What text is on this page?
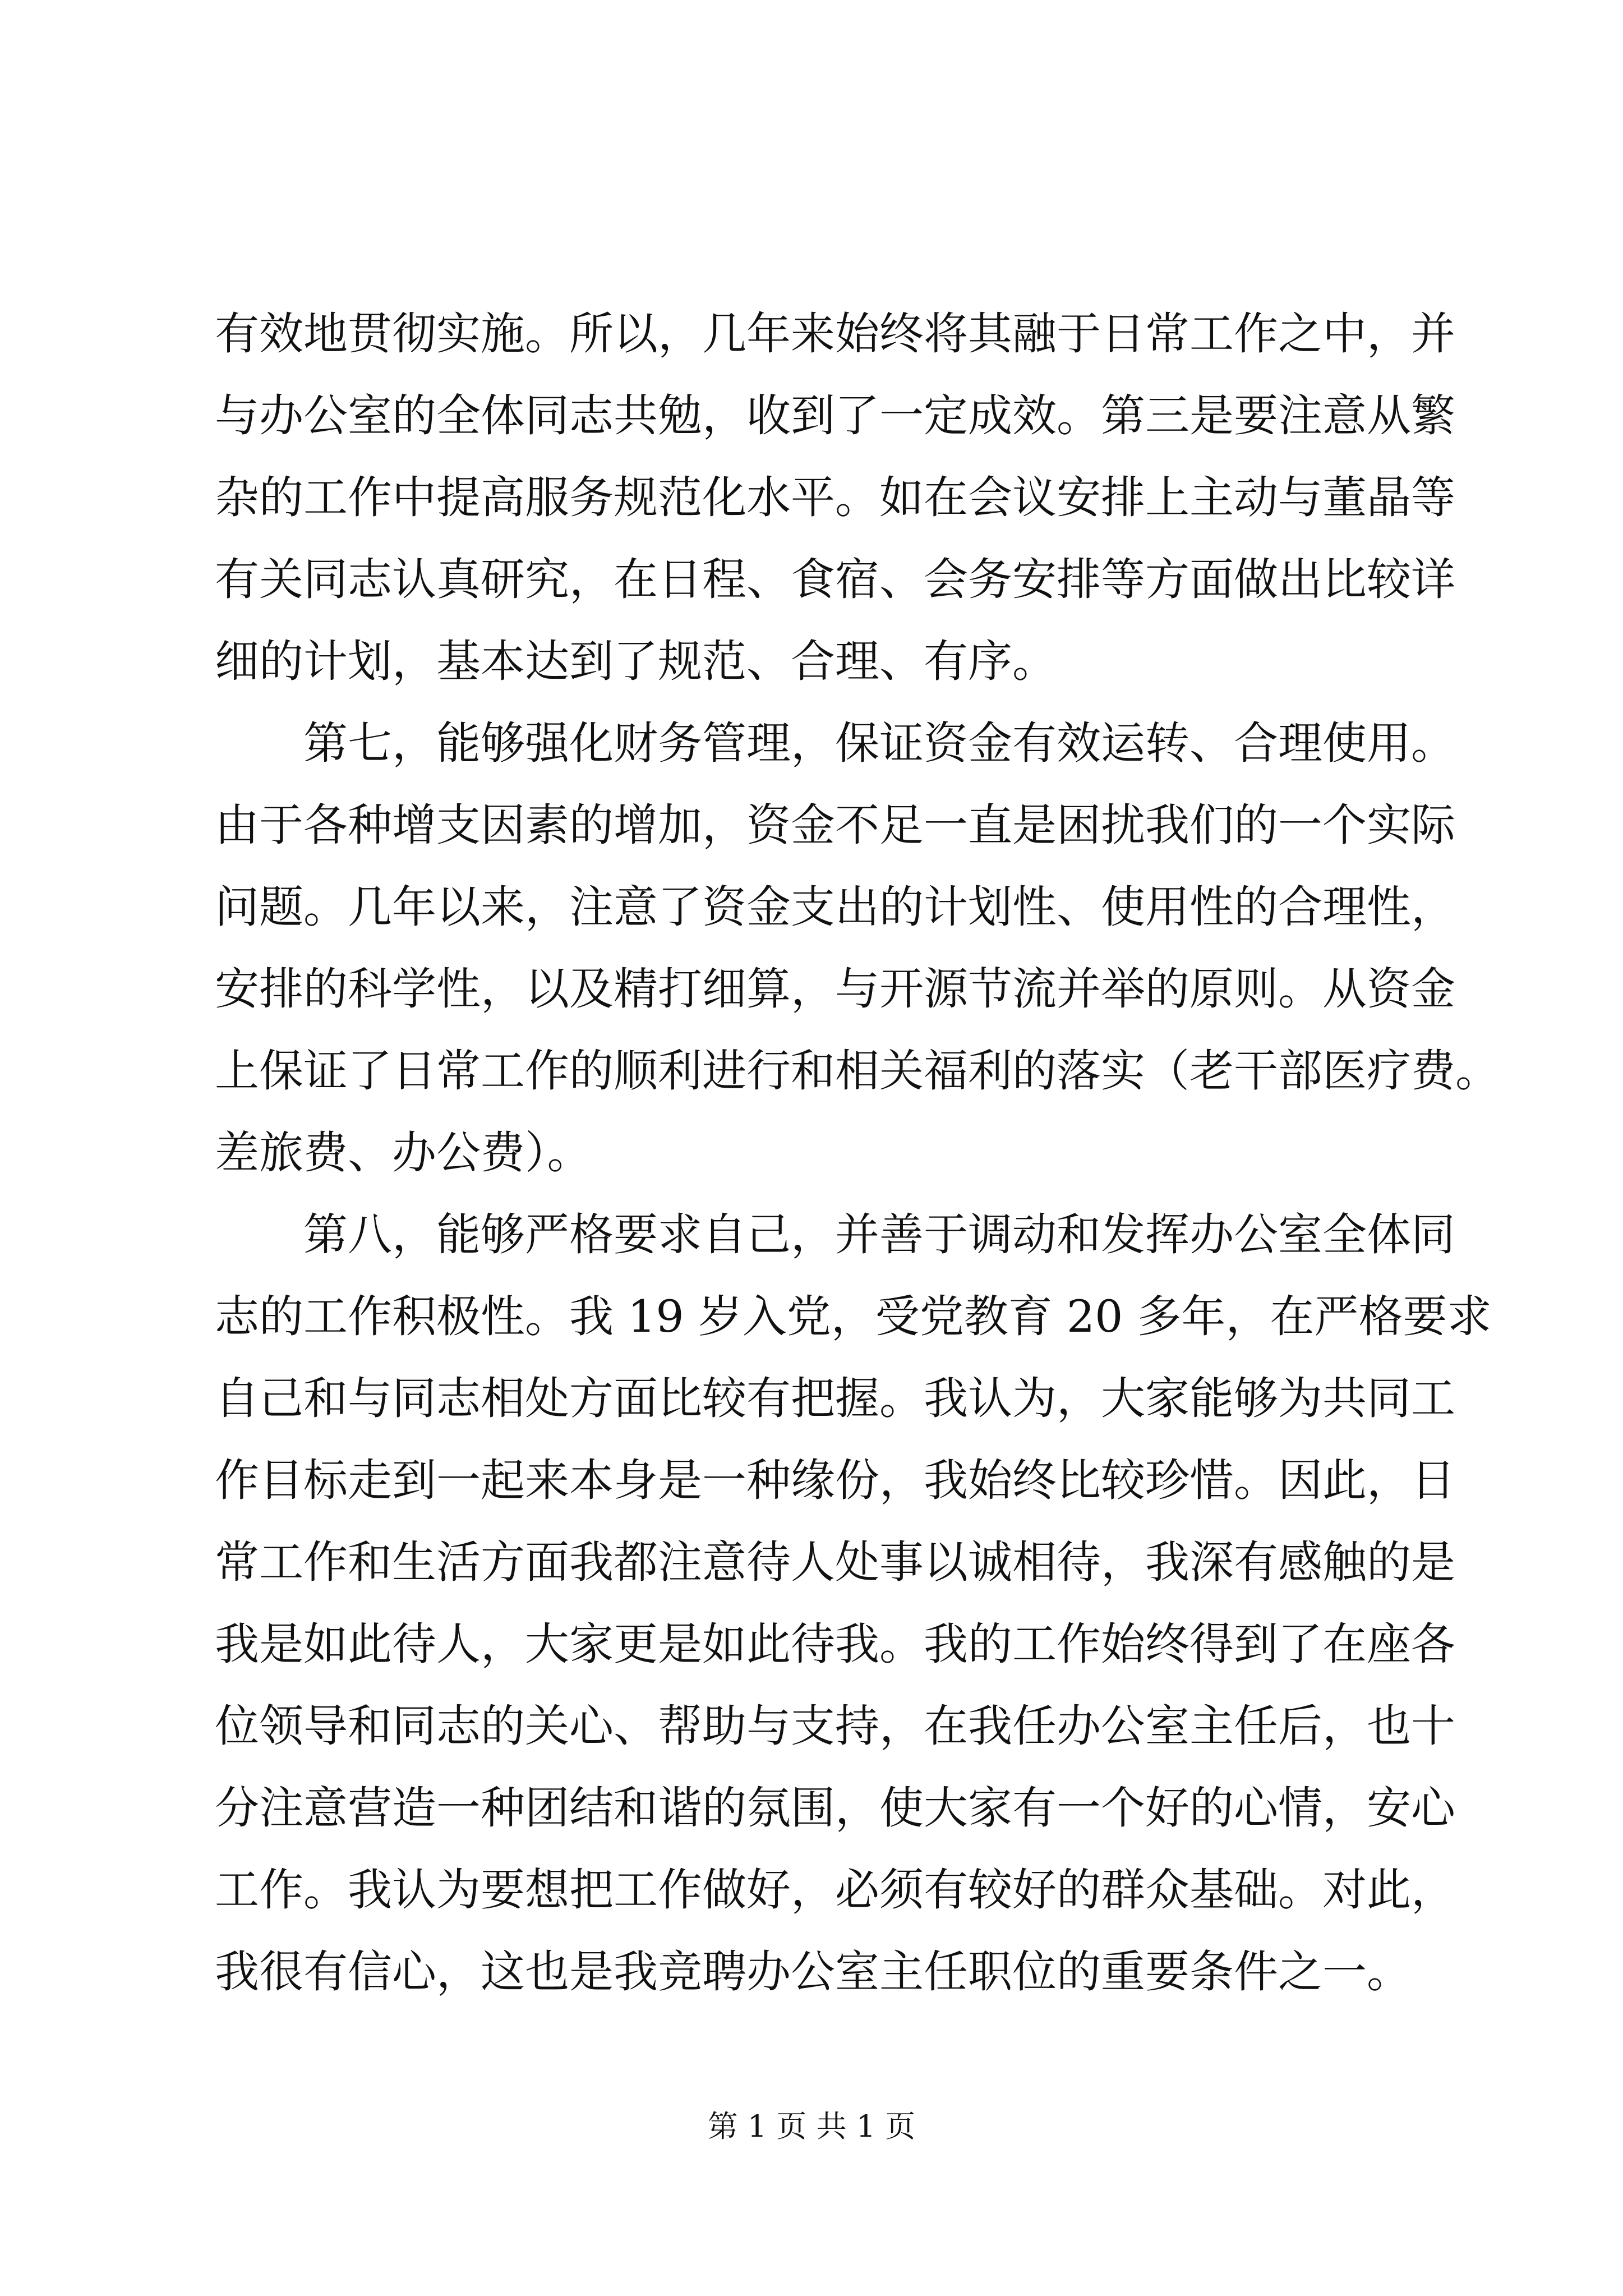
有效地贯彻实施。所以，几年来始终将其融于日常工作之中，并
与办公室的全体同志共勉，收到了一定成效。第三是要注意从繁
杂的工作中提高服务规范化水平。如在会议安排上主动与董晶等
有关同志认真研究，在日程、食宿、会务安排等方面做出比较详
细的计划，基本达到了规范、合理、有序。
　　第七，能够强化财务管理，保证资金有效运转、合理使用。
由于各种增支因素的增加，资金不足一直是困扰我们的一个实际
问题。几年以来，注意了资金支出的计划性、使用性的合理性，
安排的科学性，以及精打细算，与开源节流并举的原则。从资金
上保证了日常工作的顺利进行和相关福利的落实（老干部医疗费。
差旅费、办公费）。
　　第八，能够严格要求自己，并善于调动和发挥办公室全体同
志的工作积极性。我 19 岁入党，受党教育 20 多年，在严格要求
自己和与同志相处方面比较有把握。我认为，大家能够为共同工
作目标走到一起来本身是一种缘份，我始终比较珍惜。因此，日
常工作和生活方面我都注意待人处事以诚相待，我深有感触的是
我是如此待人，大家更是如此待我。我的工作始终得到了在座各
位领导和同志的关心、帮助与支持，在我任办公室主任后，也十
分注意营造一种团结和谐的氛围，使大家有一个好的心情，安心
工作。我认为要想把工作做好，必须有较好的群众基础。对此，
我很有信心，这也是我竞聘办公室主任职位的重要条件之一。
第 1 页 共 1 页
